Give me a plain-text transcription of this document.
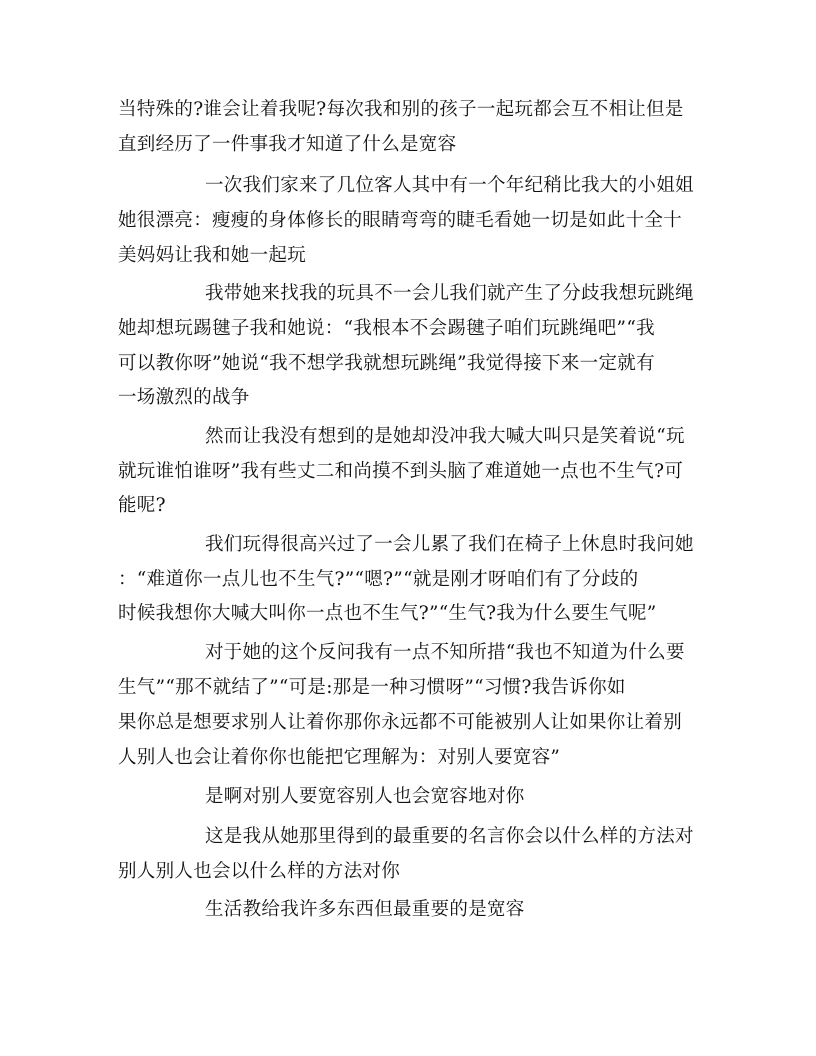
当特殊的?谁会让着我呢?每次我和别的孩子一起玩都会互不相让但是
直到经历了一件事我才知道了什么是宽容
一次我们家来了几位客人其中有一个年纪稍比我大的小姐姐
她很漂亮：瘦瘦的身体修长的眼睛弯弯的睫毛看她一切是如此十全十
美妈妈让我和她一起玩
我带她来找我的玩具不一会儿我们就产生了分歧我想玩跳绳
她却想玩踢毽子我和她说：“我根本不会踢毽子咱们玩跳绳吧”“我
可以教你呀”她说“我不想学我就想玩跳绳”我觉得接下来一定就有
一场激烈的战争
然而让我没有想到的是她却没冲我大喊大叫只是笑着说“玩
就玩谁怕谁呀”我有些丈二和尚摸不到头脑了难道她一点也不生气?可
能呢?
我们玩得很高兴过了一会儿累了我们在椅子上休息时我问她
：“难道你一点儿也不生气?”“嗯?”“就是刚才呀咱们有了分歧的
时候我想你大喊大叫你一点也不生气?”“生气?我为什么要生气呢”
对于她的这个反问我有一点不知所措“我也不知道为什么要
生气”“那不就结了”“可是:那是一种习惯呀”“习惯?我告诉你如
果你总是想要求别人让着你那你永远都不可能被别人让如果你让着别
人别人也会让着你你也能把它理解为：对别人要宽容”
是啊对别人要宽容别人也会宽容地对你
这是我从她那里得到的最重要的名言你会以什么样的方法对
别人别人也会以什么样的方法对你
生活教给我许多东西但最重要的是宽容
